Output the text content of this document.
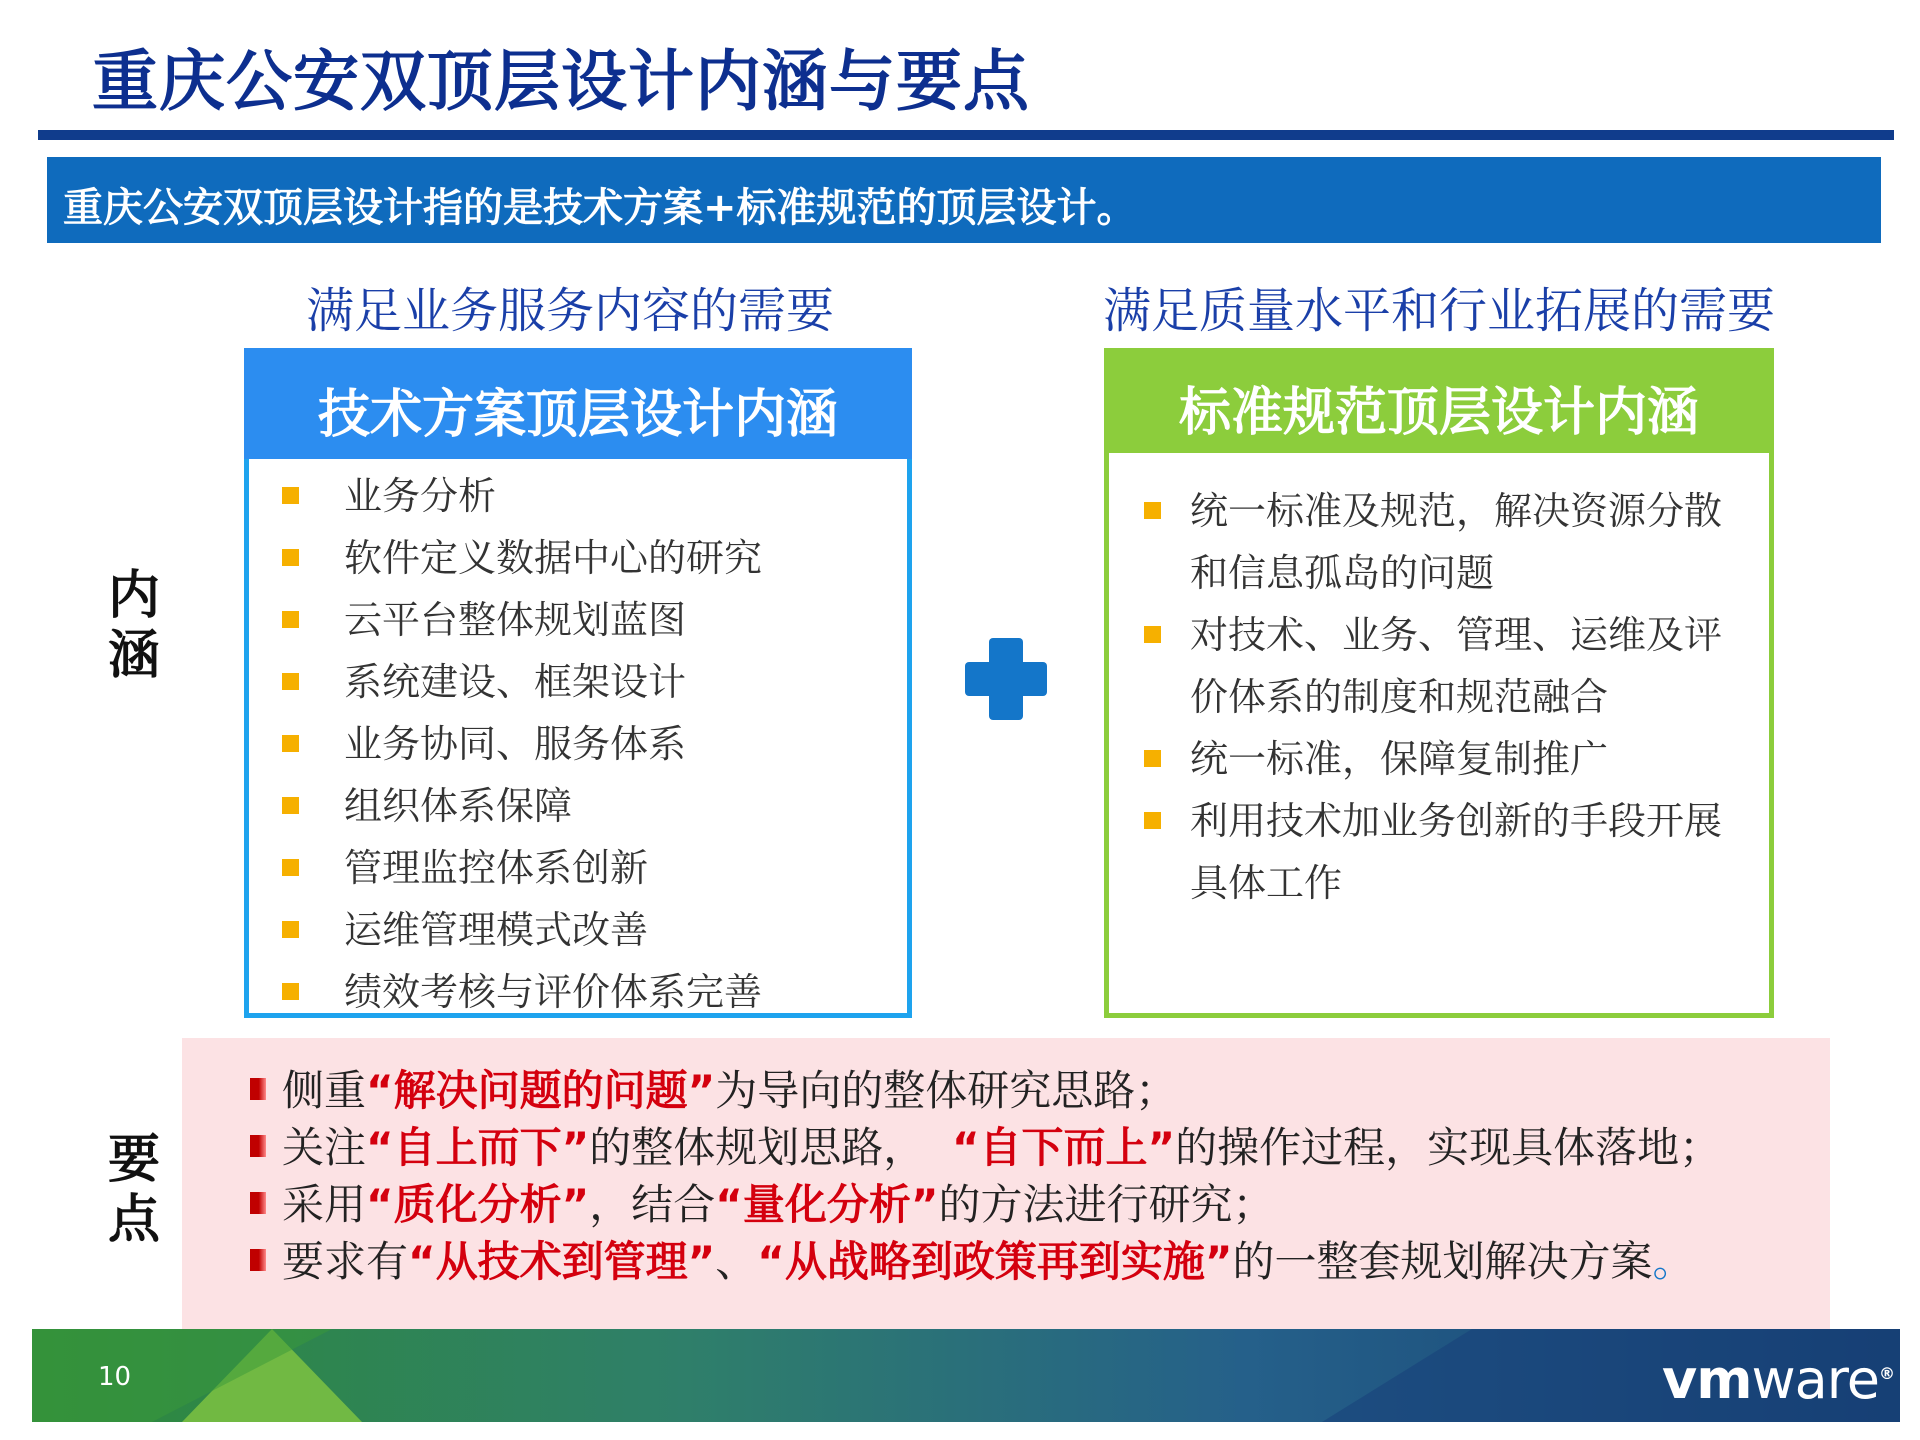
重庆公安双顶层设计内涵与要点
重庆公安双顶层设计指的是技术方案+标准规范的顶层设计。
满足业务服务内容的需要	满足质量水平和行业拓展的需要
技术方案顶层设计内涵
业务分析
软件定义数据中心的研究
云平台整体规划蓝图
系统建设、框架设计
业务协同、服务体系
组织体系保障
管理监控体系创新
运维管理模式改善
绩效考核与评价体系完善
标准规范顶层设计内涵
统一标准及规范，解决资源分散和信息孤岛的问题
对技术、业务、管理、运维及评价体系的制度和规范融合
统一标准，保障复制推广
利用技术加业务创新的手段开展具体工作
内
涵
要
点
侧重“解决问题的问题”为导向的整体研究思路；
关注“自上而下”的整体规划思路，  “自下而上”的操作过程，实现具体落地；
采用“质化分析”，结合“量化分析”的方法进行研究；
要求有“从技术到管理”、“从战略到政策再到实施”的一整套规划解决方案。
10	vmware®
